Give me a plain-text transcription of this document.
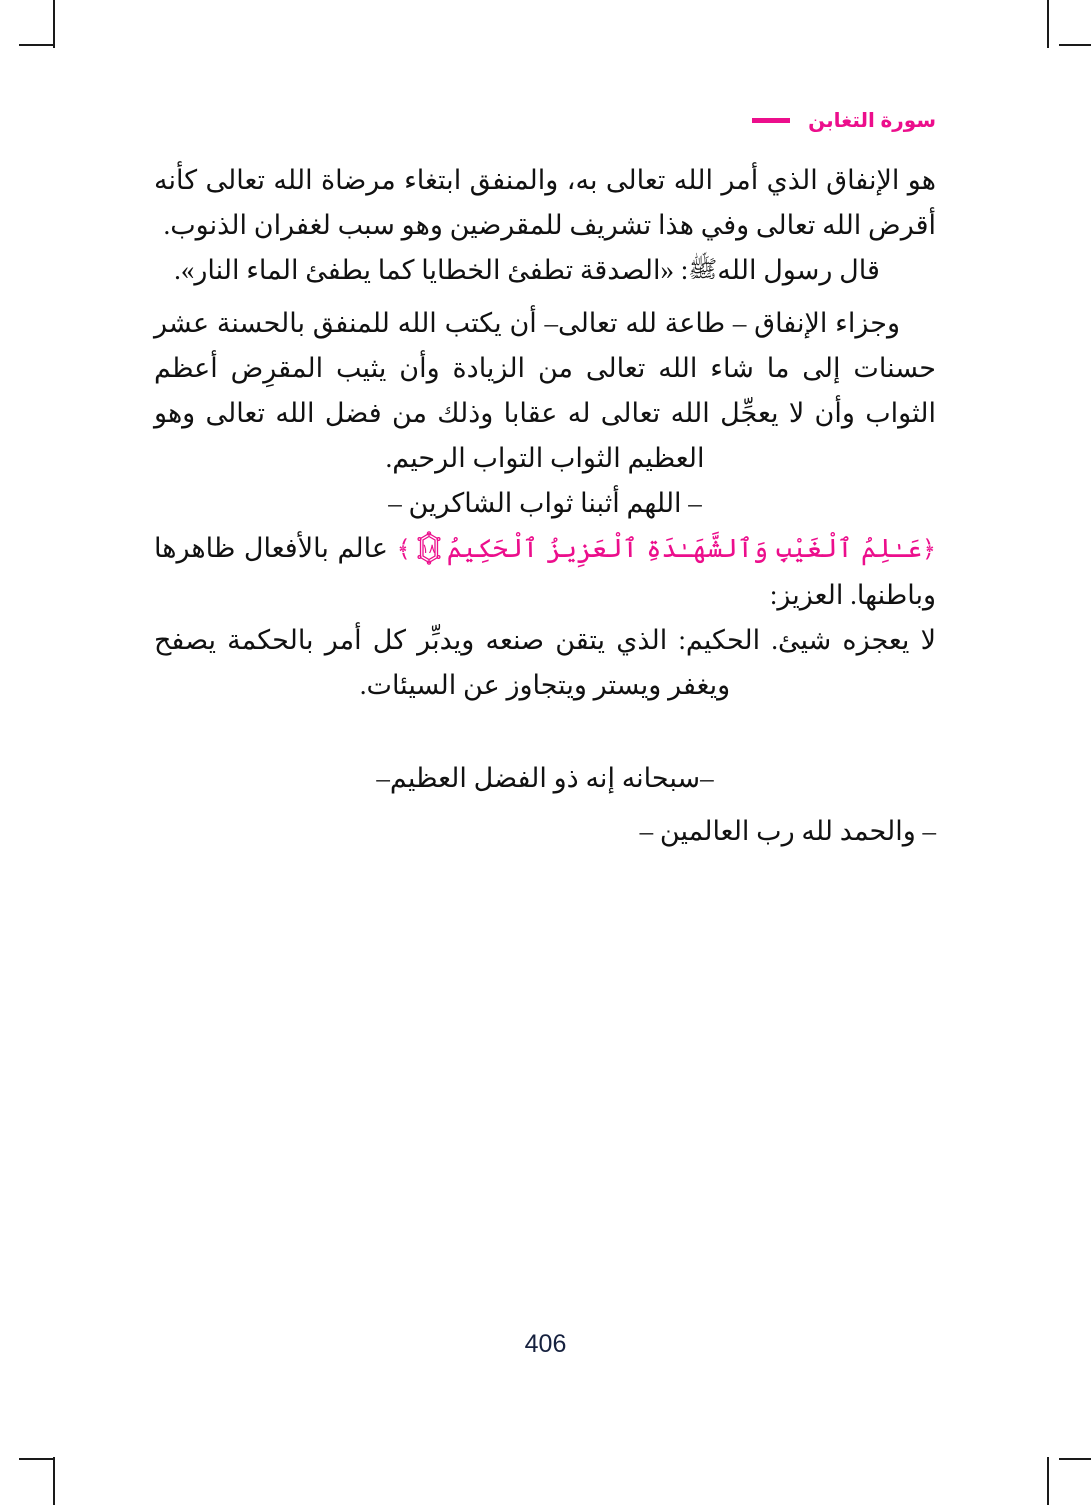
سورة التغابن

هو الإنفاق الذي أمر الله تعالى به، والمنفق ابتغاء مرضاة الله تعالى كأنه أقرض الله تعالى وفي هذا تشريف للمقرضين وهو سبب لغفران الذنوب.

قال رسول اللهﷺ: «الصدقة تطفئ الخطايا كما يطفئ الماء النار».

وجزاء الإنفاق – طاعة لله تعالى– أن يكتب الله للمنفق بالحسنة عشر حسنات إلى ما شاء الله تعالى من الزيادة وأن يثيب المقرِض أعظم الثواب وأن لا يعجِّل الله تعالى له عقابا وذلك من فضل الله تعالى وهو العظيم الثواب التواب الرحيم.

– اللهم أثبنا ثواب الشاكرين –

﴿عَـٰلِمُ ٱلْغَيْبِ وَٱلشَّهَـٰدَةِ ٱلْعَزِيزُ ٱلْحَكِيمُ
١٨
﴾ عالم بالأفعال ظاهرها وباطنها. العزيز:

لا يعجزه شيئ. الحكيم: الذي يتقن صنعه ويدبِّر كل أمر بالحكمة يصفح ويغفر ويستر ويتجاوز عن السيئات.

–سبحانه إنه ذو الفضل العظيم–

– والحمد لله رب العالمين –

406
